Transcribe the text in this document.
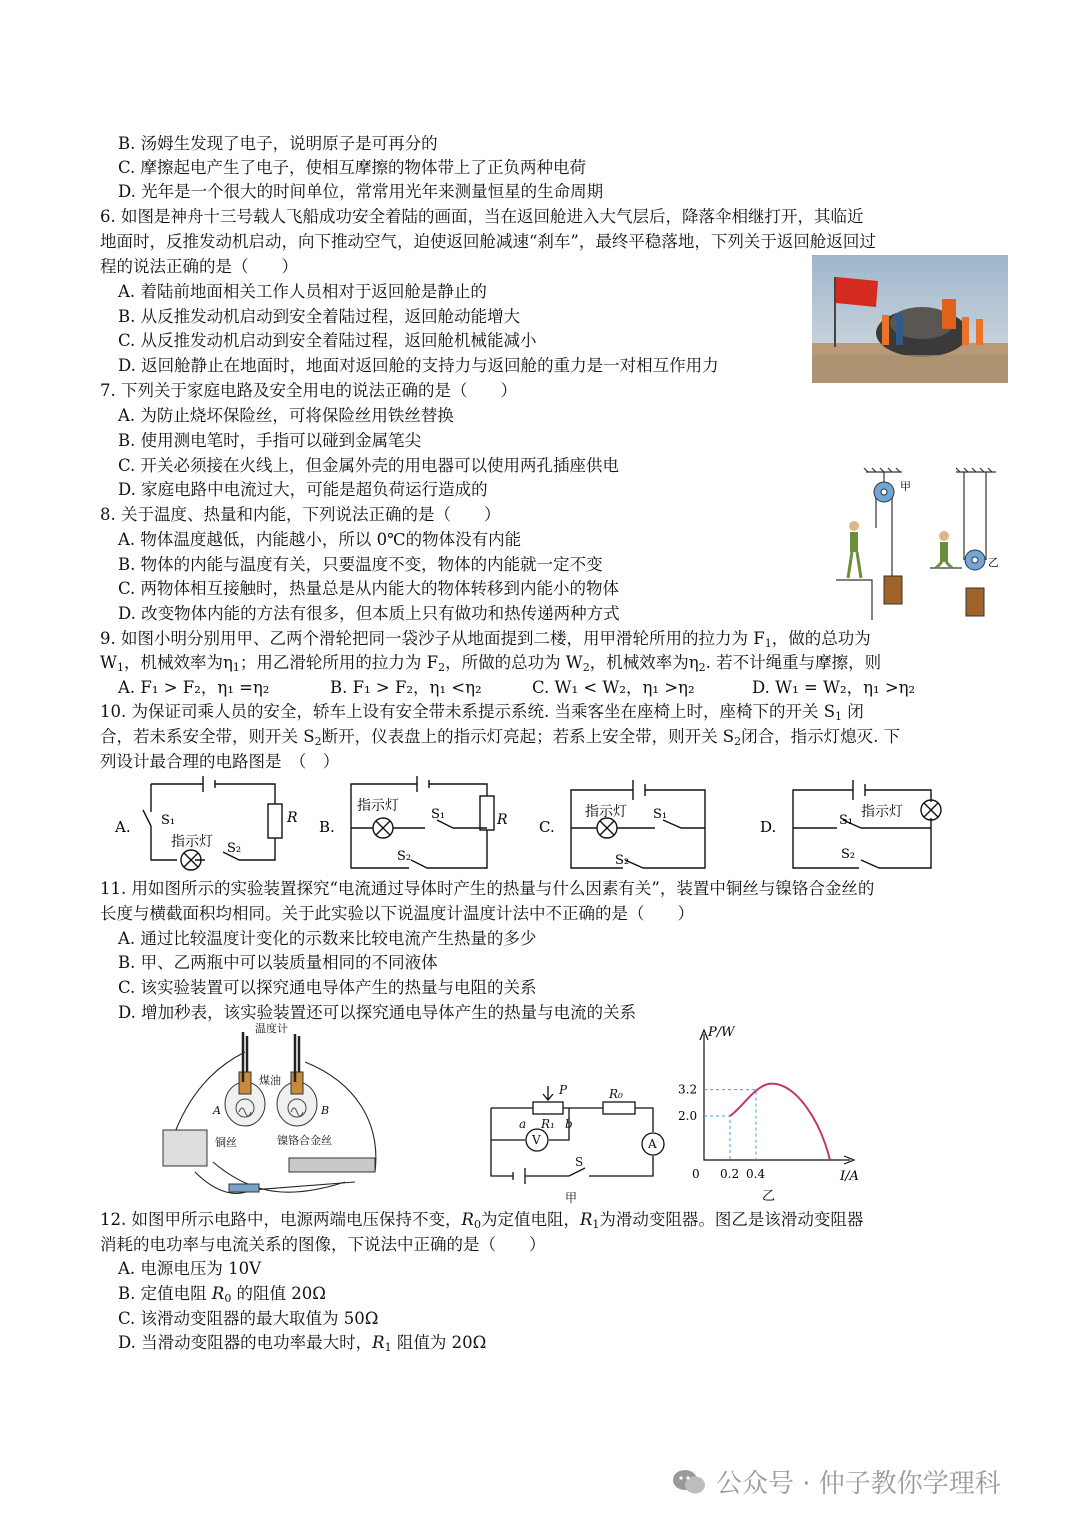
B. 汤姆生发现了电子，说明原子是可再分的
C. 摩擦起电产生了电子，使相互摩擦的物体带上了正负两种电荷
D. 光年是一个很大的时间单位，常常用光年来测量恒星的生命周期
6. 如图是神舟十三号载人飞船成功安全着陆的画面，当在返回舱进入大气层后，降落伞相继打开，其临近
地面时，反推发动机启动，向下推动空气，迫使返回舱减速“刹车”，最终平稳落地，下列关于返回舱返回过
程的说法正确的是（　　）
A. 着陆前地面相关工作人员相对于返回舱是静止的
B. 从反推发动机启动到安全着陆过程，返回舱动能增大
C. 从反推发动机启动到安全着陆过程，返回舱机械能减小
D. 返回舱静止在地面时，地面对返回舱的支持力与返回舱的重力是一对相互作用力
7. 下列关于家庭电路及安全用电的说法正确的是（　　）
A. 为防止烧坏保险丝，可将保险丝用铁丝替换
B. 使用测电笔时，手指可以碰到金属笔尖
C. 开关必须接在火线上，但金属外壳的用电器可以使用两孔插座供电
D. 家庭电路中电流过大，可能是超负荷运行造成的
8. 关于温度、热量和内能，下列说法正确的是（　　）
A. 物体温度越低，内能越小，所以 0℃的物体没有内能
B. 物体的内能与温度有关，只要温度不变，物体的内能就一定不变
C. 两物体相互接触时，热量总是从内能大的物体转移到内能小的物体
D. 改变物体内能的方法有很多，但本质上只有做功和热传递两种方式
9. 如图小明分别用甲、乙两个滑轮把同一袋沙子从地面提到二楼，用甲滑轮所用的拉力为 $F_1$，做的总功为
$W_1$，机械效率为$\eta_1$；用乙滑轮所用的拉力为 $F_2$，所做的总功为 $W_2$，机械效率为$\eta_2$. 若不计绳重与摩擦，则
A. F₁ > F₂，η₁ =η₂	B. F₁ > F₂，η₁ <η₂	C. W₁ < W₂，η₁ >η₂	D. W₁ = W₂，η₁ >η₂
10. 为保证司乘人员的安全，轿车上设有安全带未系提示系统. 当乘客坐在座椅上时，座椅下的开关 $S_1$ 闭
合，若未系安全带，则开关 $S_2$断开，仪表盘上的指示灯亮起；若系上安全带，则开关 $S_2$闭合，指示灯熄灭. 下
列设计最合理的电路图是　（　）
11. 用如图所示的实验装置探究“电流通过导体时产生的热量与什么因素有关”，装置中铜丝与镍铬合金丝的
长度与横截面积均相同。关于此实验以下说温度计温度计法中不正确的是（　　）
A. 通过比较温度计变化的示数来比较电流产生热量的多少
B. 甲、乙两瓶中可以装质量相同的不同液体
C. 该实验装置可以探究通电导体产生的热量与电阻的关系
D. 增加秒表，该实验装置还可以探究通电导体产生的热量与电流的关系
12. 如图甲所示电路中，电源两端电压保持不变，$R_0$为定值电阻，$R_1$为滑动变阻器。图乙是该滑动变阻器
消耗的电功率与电流关系的图像，下说法中正确的是（　　）
A. 电源电压为 10V
B. 定值电阻 $R_0$ 的阻值 20Ω
C. 该滑动变阻器的最大取值为 50Ω
D. 当滑动变阻器的电功率最大时，$R_1$ 阻值为 20Ω
甲
乙
A. S₁	R
指示灯 S₂
B.
指示灯
S₁	R
S₂
C.
指示灯 S₁
S₂
D.	S₁
指示灯
S₂
温度计
煤油
A	B
铜丝	镍铬合金丝
P	R₀
R₁
a	b
V	A
S
甲
0 0.2 0.4
2.0
3.2
P/W
I/A
乙
公众号 · 仲子教你学理科
